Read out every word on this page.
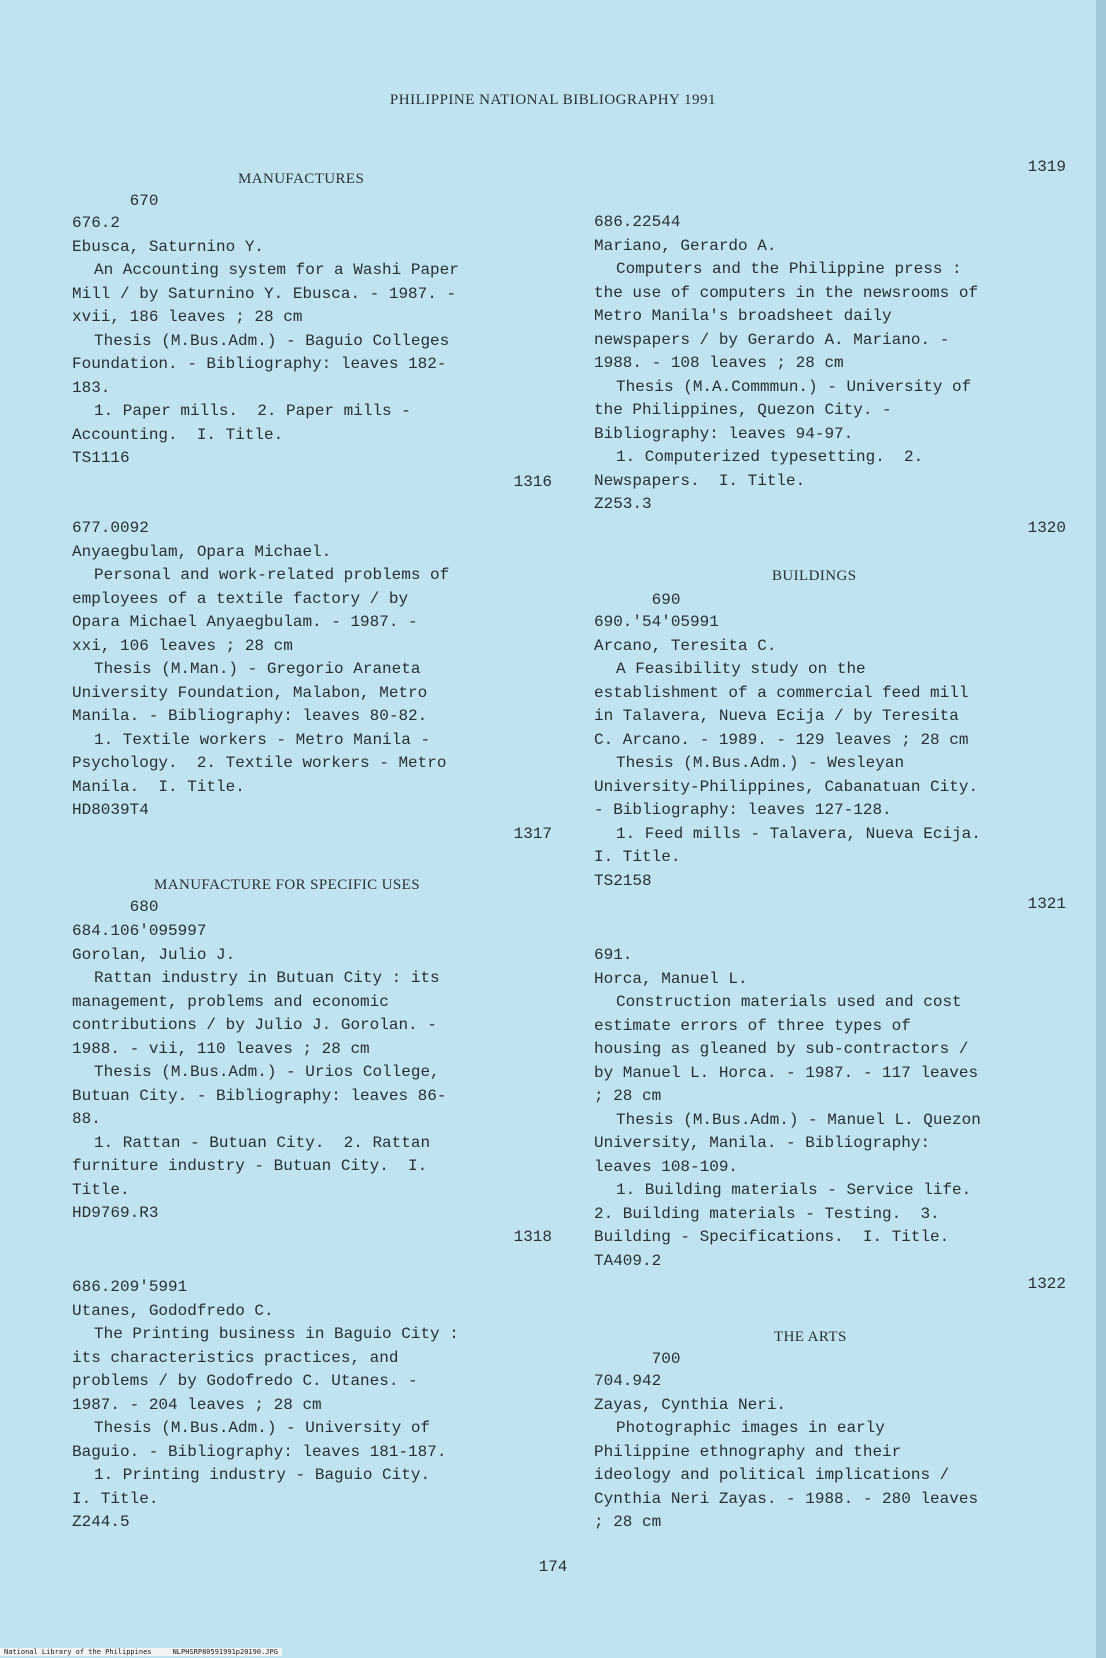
PHILIPPINE NATIONAL BIBLIOGRAPHY 1991

670

MANUFACTURES

676.2
Ebusca, Saturnino Y.
An Accounting system for a Washi Paper
Mill / by Saturnino Y. Ebusca. - 1987. -
xvii, 186 leaves ; 28 cm
Thesis (M.Bus.Adm.) - Baguio Colleges
Foundation. - Bibliography: leaves 182-
183.
1. Paper mills.  2. Paper mills -
Accounting.  I. Title.
TS1116
1316
677.0092
Anyaegbulam, Opara Michael.
Personal and work-related problems of
employees of a textile factory / by
Opara Michael Anyaegbulam. - 1987. -
xxi, 106 leaves ; 28 cm
Thesis (M.Man.) - Gregorio Araneta
University Foundation, Malabon, Metro
Manila. - Bibliography: leaves 80-82.
1. Textile workers - Metro Manila -
Psychology.  2. Textile workers - Metro
Manila.  I. Title.
HD8039T4
1317

680

MANUFACTURE FOR SPECIFIC USES

684.106'095997
Gorolan, Julio J.
Rattan industry in Butuan City : its
management, problems and economic
contributions / by Julio J. Gorolan. -
1988. - vii, 110 leaves ; 28 cm
Thesis (M.Bus.Adm.) - Urios College,
Butuan City. - Bibliography: leaves 86-
88.
1. Rattan - Butuan City.  2. Rattan
furniture industry - Butuan City.  I.
Title.
HD9769.R3
1318
686.209'5991
Utanes, Gododfredo C.
The Printing business in Baguio City :
its characteristics practices, and
problems / by Godofredo C. Utanes. -
1987. - 204 leaves ; 28 cm
Thesis (M.Bus.Adm.) - University of
Baguio. - Bibliography: leaves 181-187.
1. Printing industry - Baguio City.
I. Title.
Z244.5
1319
686.22544
Mariano, Gerardo A.
Computers and the Philippine press :
the use of computers in the newsrooms of
Metro Manila's broadsheet daily
newspapers / by Gerardo A. Mariano. -
1988. - 108 leaves ; 28 cm
Thesis (M.A.Commmun.) - University of
the Philippines, Quezon City. -
Bibliography: leaves 94-97.
1. Computerized typesetting.  2.
Newspapers.  I. Title.
Z253.3
1320

690

BUILDINGS

690.'54'05991
Arcano, Teresita C.
A Feasibility study on the
establishment of a commercial feed mill
in Talavera, Nueva Ecija / by Teresita
C. Arcano. - 1989. - 129 leaves ; 28 cm
Thesis (M.Bus.Adm.) - Wesleyan
University-Philippines, Cabanatuan City.
- Bibliography: leaves 127-128.
1. Feed mills - Talavera, Nueva Ecija.
I. Title.
TS2158
1321
691.
Horca, Manuel L.
Construction materials used and cost
estimate errors of three types of
housing as gleaned by sub-contractors /
by Manuel L. Horca. - 1987. - 117 leaves
; 28 cm
Thesis (M.Bus.Adm.) - Manuel L. Quezon
University, Manila. - Bibliography:
leaves 108-109.
1. Building materials - Service life.
2. Building materials - Testing.  3.
Building - Specifications.  I. Title.
TA409.2
1322

700

THE ARTS

704.942
Zayas, Cynthia Neri.
Photographic images in early
Philippine ethnography and their
ideology and political implications /
Cynthia Neri Zayas. - 1988. - 280 leaves
; 28 cm
174
National Library of the Philippines     NLPHSRP80591991p20190.JPG
